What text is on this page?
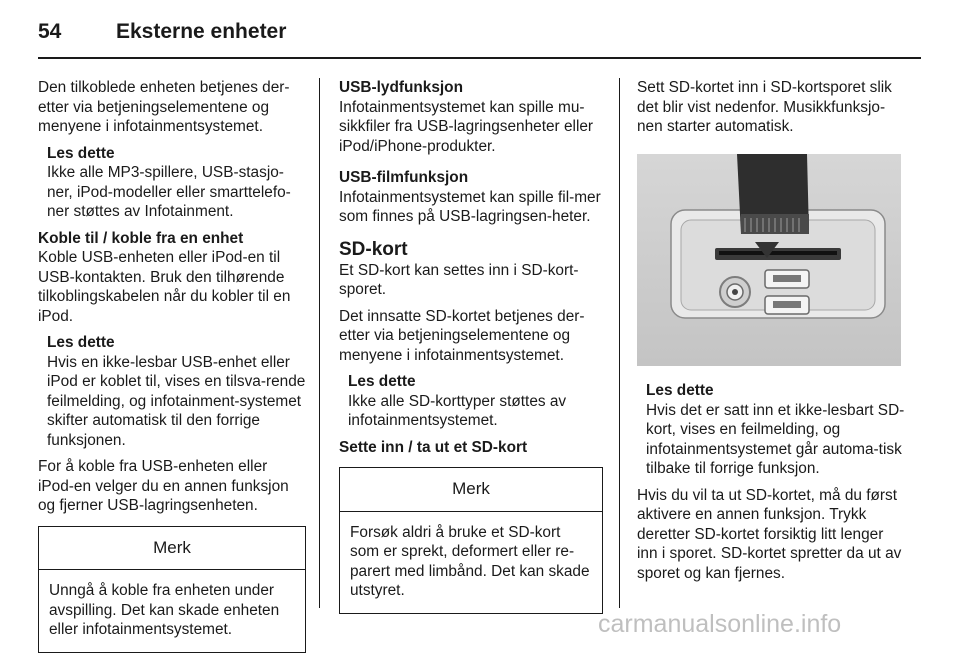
54	Eksterne enheter

Den tilkoblede enheten betjenes der-etter via betjeningselementene og menyene i infotainmentsystemet.

Les dette

Ikke alle MP3-spillere, USB-stasjo-ner, iPod-modeller eller smarttelefo-ner støttes av Infotainment.

Koble til / koble fra en enhet

Koble USB-enheten eller iPod-en til USB-kontakten. Bruk den tilhørende tilkoblingskabelen når du kobler til en iPod.

Les dette

Hvis en ikke-lesbar USB-enhet eller iPod er koblet til, vises en tilsva-rende feilmelding, og infotainment-systemet skifter automatisk til den forrige funksjonen.

For å koble fra USB-enheten eller iPod-en velger du en annen funksjon og fjerner USB-lagringsenheten.

Merk
Unngå å koble fra enheten under avspilling. Det kan skade enheten eller infotainmentsystemet.
USB-lydfunksjon

Infotainmentsystemet kan spille mu-sikkfiler fra USB-lagringsenheter eller iPod/iPhone-produkter.

USB-filmfunksjon

Infotainmentsystemet kan spille fil-mer som finnes på USB-lagringsen-heter.

SD-kort

Et SD-kort kan settes inn i SD-kort-sporet.

Det innsatte SD-kortet betjenes der-etter via betjeningselementene og menyene i infotainmentsystemet.

Les dette

Ikke alle SD-korttyper støttes av infotainmentsystemet.

Sette inn / ta ut et SD-kort
Merk
Forsøk aldri å bruke et SD-kort som er sprekt, deformert eller re-parert med limbånd. Det kan skade utstyret.

Sett SD-kortet inn i SD-kortsporet slik det blir vist nedenfor. Musikkfunksjo-nen starter automatisk.

Les dette

Hvis det er satt inn et ikke-lesbart SD-kort, vises en feilmelding, og infotainmentsystemet går automa-tisk tilbake til forrige funksjon.

Hvis du vil ta ut SD-kortet, må du først aktivere en annen funksjon. Trykk deretter SD-kortet forsiktig litt lenger inn i sporet. SD-kortet spretter da ut av sporet og kan fjernes.

carmanualsonline.info
